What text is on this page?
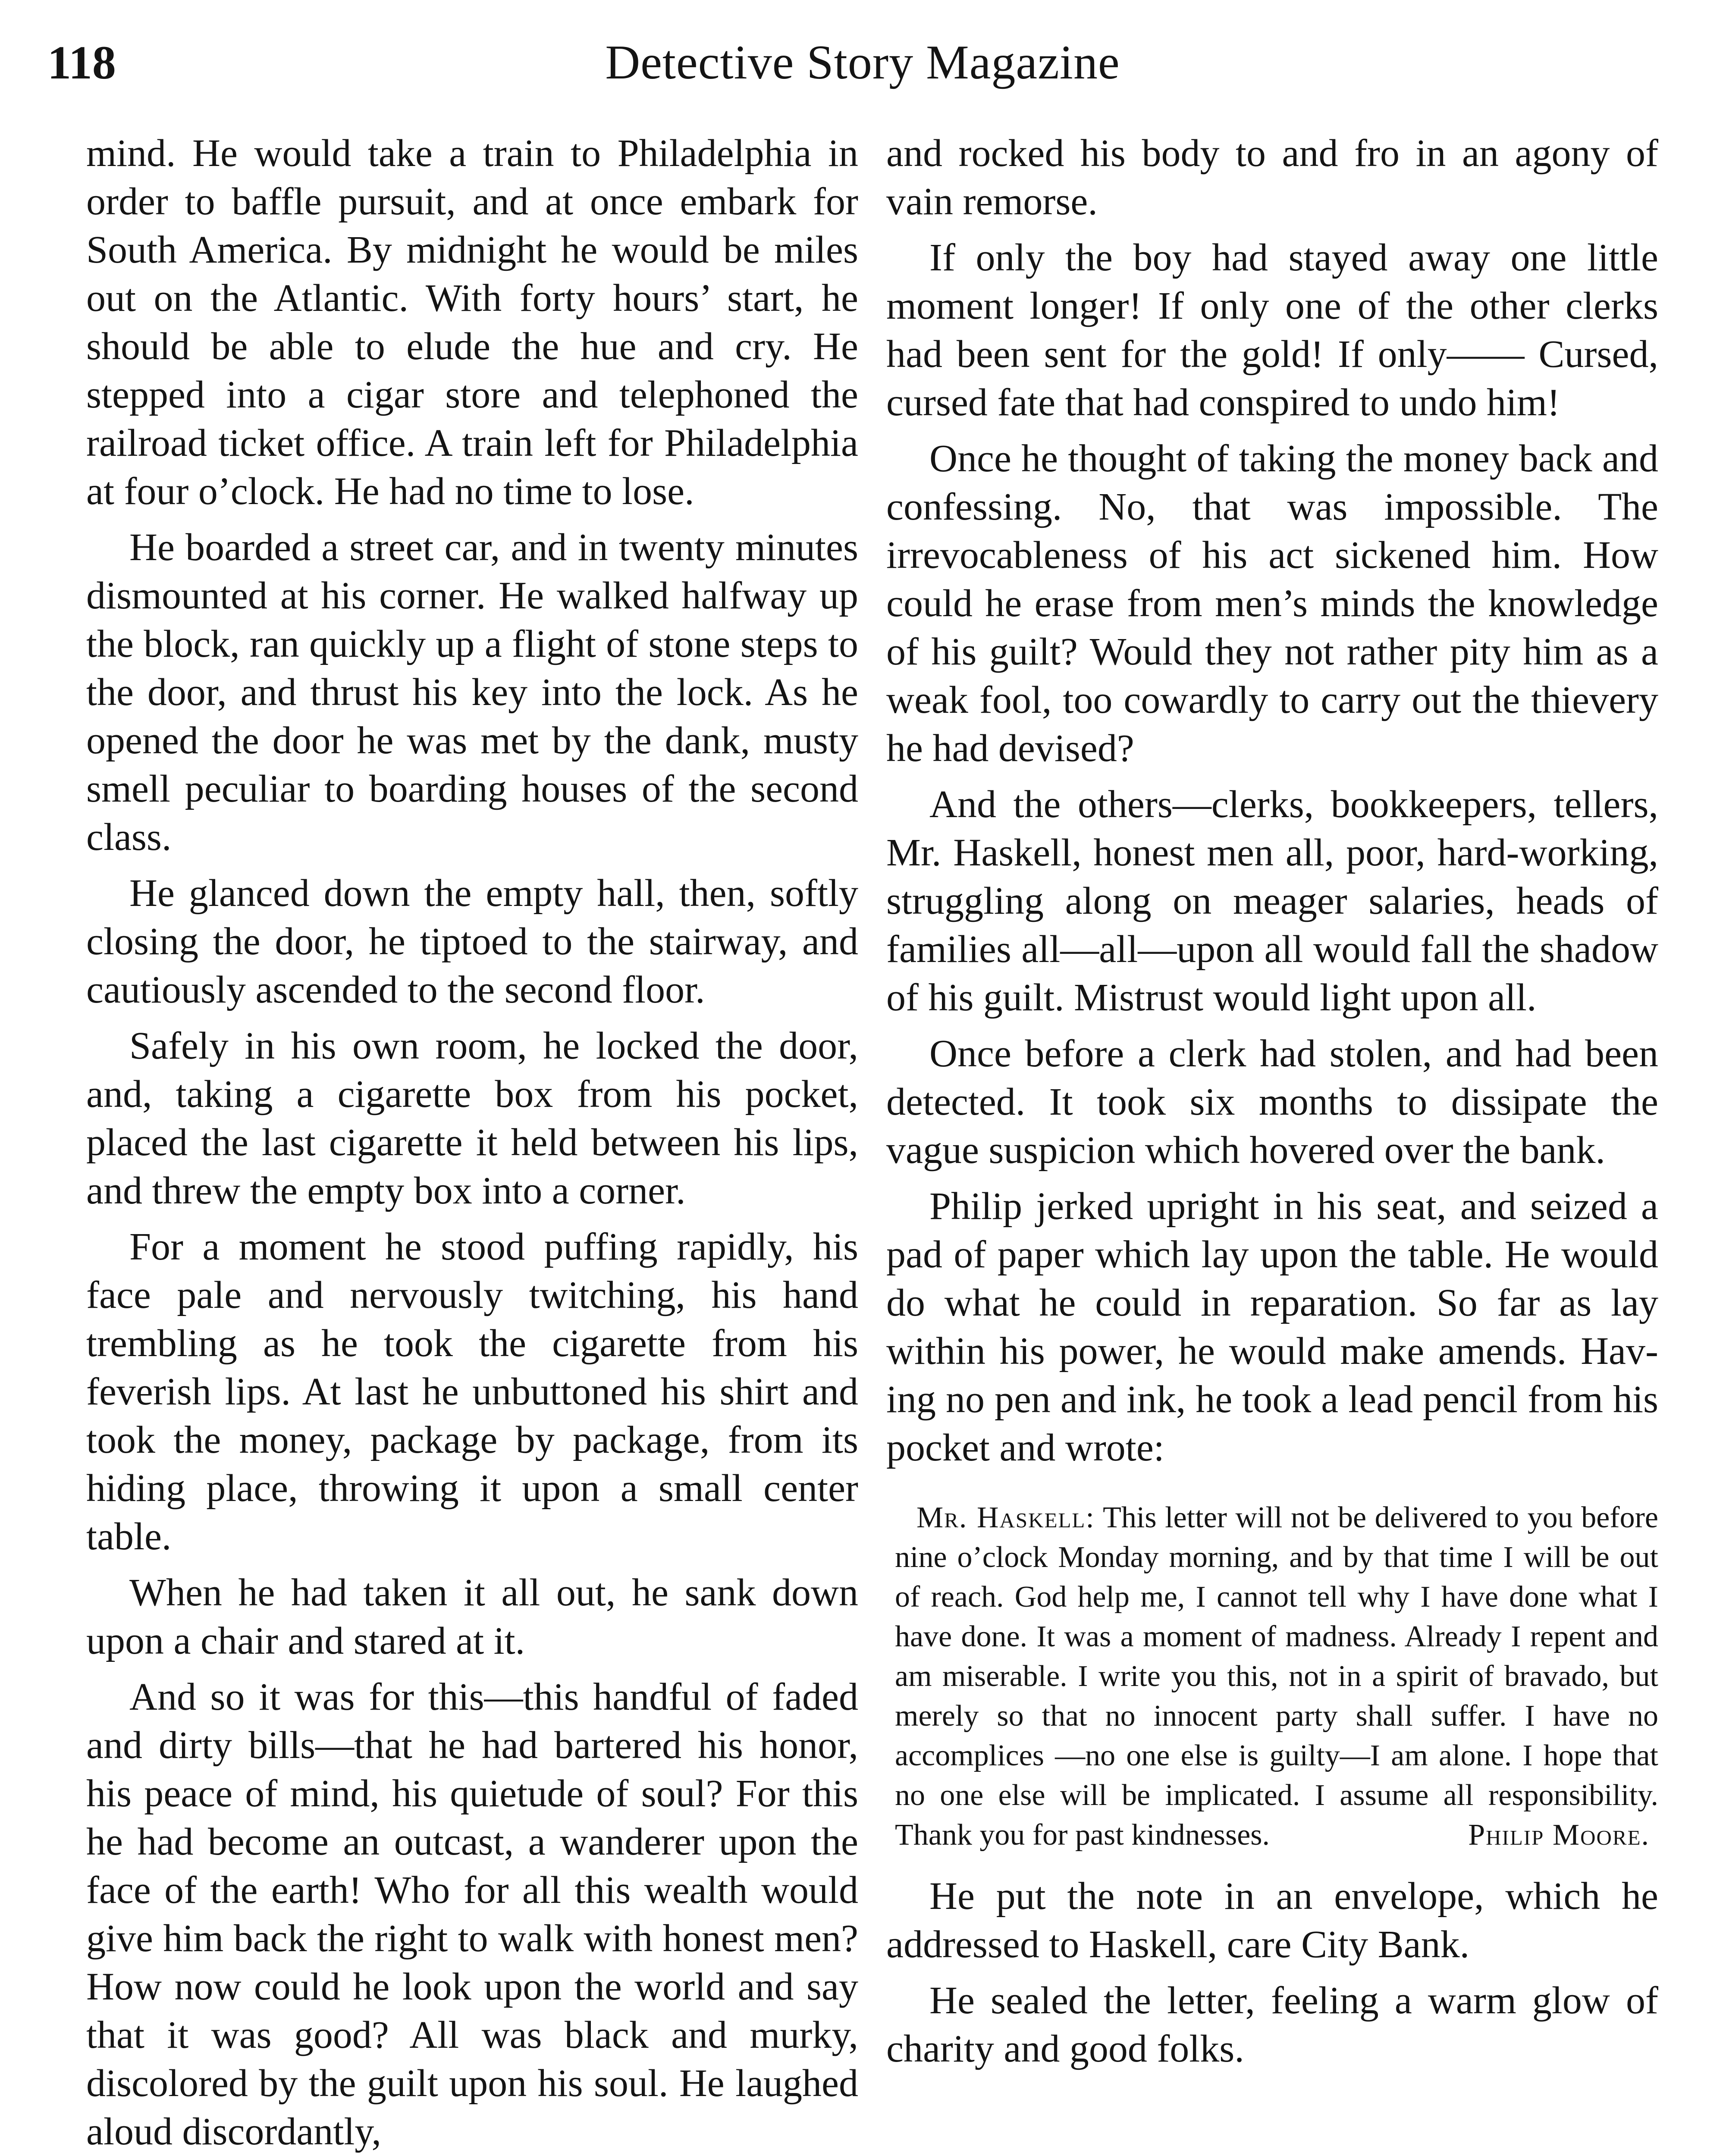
118	Detective Story Magazine

mind. He would take a train to Philadelphia in order to baffle pursuit, and at once embark for South America. By midnight he would be miles out on the Atlantic. With forty hours’ start, he should be able to elude the hue and cry. He stepped into a cigar store and telephoned the railroad ticket office. A train left for Philadelphia at four o’clock. He had no time to lose.

He boarded a street car, and in twenty minutes dismounted at his corner. He walked halfway up the block, ran quickly up a flight of stone steps to the door, and thrust his key into the lock. As he opened the door he was met by the dank, musty smell peculiar to boarding houses of the second class.

He glanced down the empty hall, then, softly closing the door, he tiptoed to the stairway, and cautiously ascended to the second floor.

Safely in his own room, he locked the door, and, taking a cigarette box from his pocket, placed the last cigarette it held between his lips, and threw the empty box into a corner.

For a moment he stood puffing rapidly, his face pale and nervously twitching, his hand trembling as he took the cigarette from his feverish lips. At last he unbuttoned his shirt and took the money, package by package, from its hiding place, throwing it upon a small center table.

When he had taken it all out, he sank down upon a chair and stared at it.

And so it was for this—this handful of faded and dirty bills—that he had bartered his honor, his peace of mind, his quietude of soul? For this he had become an outcast, a wanderer upon the face of the earth! Who for all this wealth would give him back the right to walk with honest men? How now could he look upon the world and say that it was good? All was black and murky, discolored by the guilt upon his soul. He laughed aloud discordantly,

and rocked his body to and fro in an agony of vain remorse.

If only the boy had stayed away one little moment longer! If only one of the other clerks had been sent for the gold! If only—— Cursed, cursed fate that had conspired to undo him!

Once he thought of taking the money back and confessing. No, that was impossible. The irrevocableness of his act sickened him. How could he erase from men’s minds the knowledge of his guilt? Would they not rather pity him as a weak fool, too cowardly to carry out the thievery he had devised?

And the others—clerks, bookkeepers, tellers, Mr. Haskell, honest men all, poor, hard-working, struggling along on meager salaries, heads of families all—all—upon all would fall the shadow of his guilt. Mistrust would light upon all.

Once before a clerk had stolen, and had been detected. It took six months to dissipate the vague suspicion which hovered over the bank.

Philip jerked upright in his seat, and seized a pad of paper which lay upon the table. He would do what he could in reparation. So far as lay within his power, he would make amends. Having no pen and ink, he took a lead pencil from his pocket and wrote:

Mr. Haskell: This letter will not be delivered to you before nine o’clock Monday morning, and by that time I will be out of reach. God help me, I cannot tell why I have done what I have done. It was a moment of madness. Already I repent and am miserable. I write you this, not in a spirit of bravado, but merely so that no innocent party shall suffer. I have no accomplices —no one else is guilty—I am alone. I hope that no one else will be implicated. I assume all responsibility. Thank you for past kindnesses.	Philip Moore.

He put the note in an envelope, which he addressed to Haskell, care City Bank.

He sealed the letter, feeling a warm glow of charity and good folks.
